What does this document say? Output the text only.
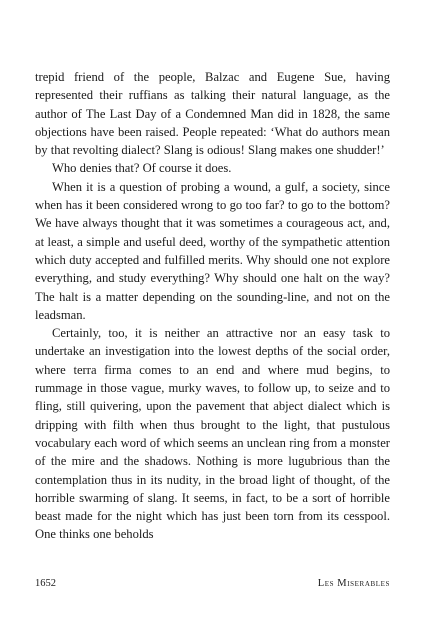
trepid friend of the people, Balzac and Eugene Sue, having represented their ruffians as talking their natural language, as the author of The Last Day of a Condemned Man did in 1828, the same objections have been raised. People repeated: ‘What do authors mean by that revolting dialect? Slang is odious! Slang makes one shudder!’

Who denies that? Of course it does.

When it is a question of probing a wound, a gulf, a society, since when has it been considered wrong to go too far? to go to the bottom? We have always thought that it was sometimes a courageous act, and, at least, a simple and useful deed, worthy of the sympathetic attention which duty accepted and fulfilled merits. Why should one not explore everything, and study everything? Why should one halt on the way? The halt is a matter depending on the sounding-line, and not on the leadsman.

Certainly, too, it is neither an attractive nor an easy task to undertake an investigation into the lowest depths of the social order, where terra firma comes to an end and where mud begins, to rummage in those vague, murky waves, to follow up, to seize and to fling, still quivering, upon the pavement that abject dialect which is dripping with filth when thus brought to the light, that pustulous vocabulary each word of which seems an unclean ring from a monster of the mire and the shadows. Nothing is more lugubrious than the contemplation thus in its nudity, in the broad light of thought, of the horrible swarming of slang. It seems, in fact, to be a sort of horrible beast made for the night which has just been torn from its cesspool. One thinks one beholds

1652	Les Miserables
